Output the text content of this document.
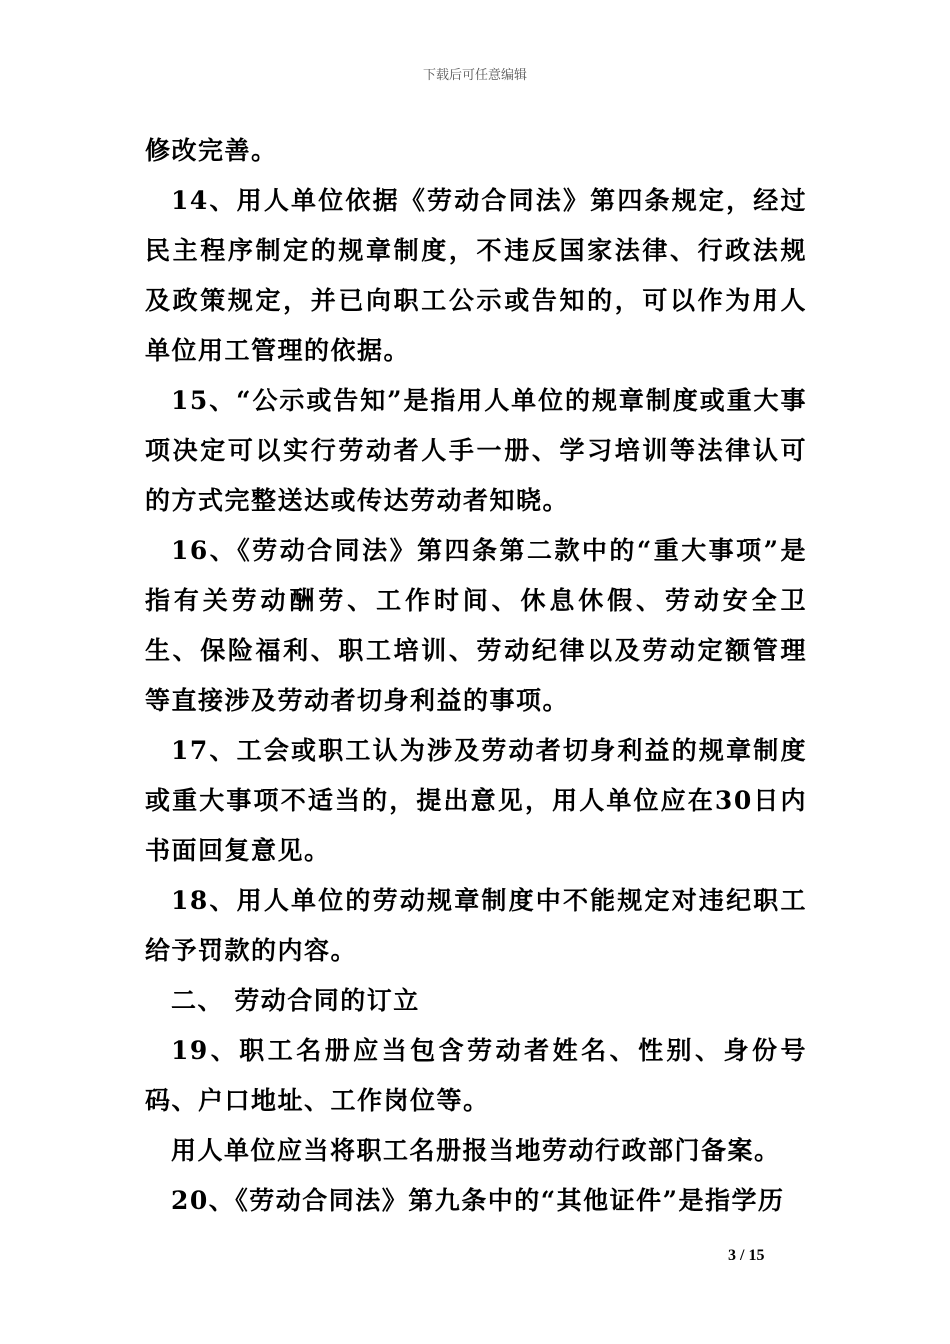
下载后可任意编辑

修改完善。

14、用人单位依据《劳动合同法》第四条规定，经过民主程序制定的规章制度，不违反国家法律、行政法规及政策规定，并已向职工公示或告知的，可以作为用人单位用工管理的依据。

15、“公示或告知”是指用人单位的规章制度或重大事项决定可以实行劳动者人手一册、学习培训等法律认可的方式完整送达或传达劳动者知晓。

16、《劳动合同法》第四条第二款中的“重大事项”是指有关劳动酬劳、工作时间、休息休假、劳动安全卫生、保险福利、职工培训、劳动纪律以及劳动定额管理等直接涉及劳动者切身利益的事项。

17、工会或职工认为涉及劳动者切身利益的规章制度或重大事项不适当的，提出意见，用人单位应在30日内书面回复意见。

18、用人单位的劳动规章制度中不能规定对违纪职工给予罚款的内容。

二、 劳动合同的订立

19、职工名册应当包含劳动者姓名、性别、身份号码、户口地址、工作岗位等。

用人单位应当将职工名册报当地劳动行政部门备案。

20、《劳动合同法》第九条中的“其他证件”是指学历

3 / 15
